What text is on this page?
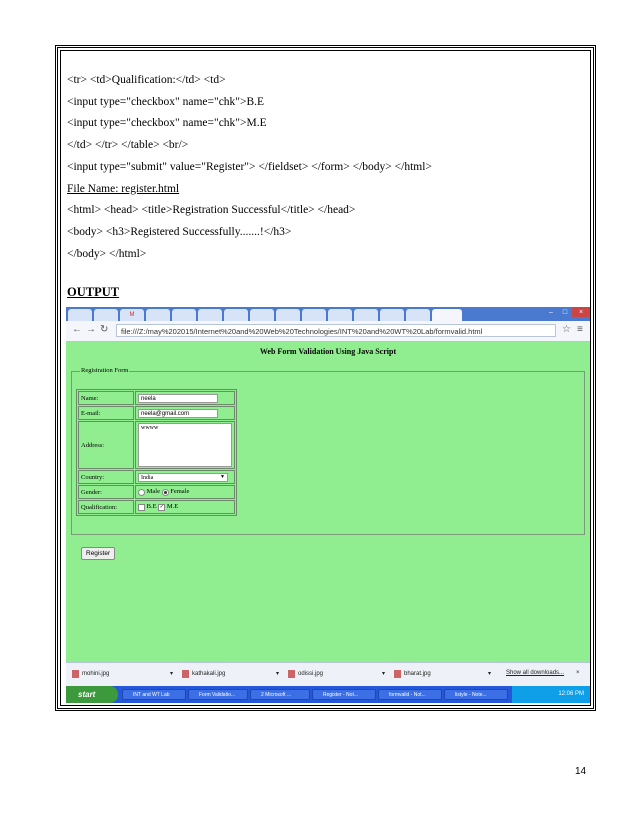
<tr> <td>Qualification:</td> <td>
<input type="checkbox" name="chk">B.E
<input type="checkbox" name="chk">M.E
</td> </tr> </table> <br/>
<input type="submit" value="Register"> </fieldset> </form> </body> </html>
File Name: register.html
<html> <head> <title>Registration Successful</title> </head>
<body> <h3>Registered Successfully.......!</h3>
</body> </html>
OUTPUT
M	–	□	×
← → ↻	file:///Z:/may%202015/Internet%20and%20Web%20Technologies/INT%20and%20WT%20Lab/formvalid.html	☆ ≡
Web Form Validation Using Java Script
Registration Form
Name:	neela
E-mail:	neela@gmail.com
Address:	wwww
Country:	India ▼

Gender:	Male Female
Qualification:	B.E ✓ M.E
Register
mohini.jpg	▾	kathakali.jpg	▾	odissi.jpg	▾	bharat.jpg	▾ Show all downloads... ×
start	INT and WT Lab	Form Validatio...	2 Microsoft ...	Register - Not...	formvalid - Not...	listyle - Note...	12:06 PM
14
